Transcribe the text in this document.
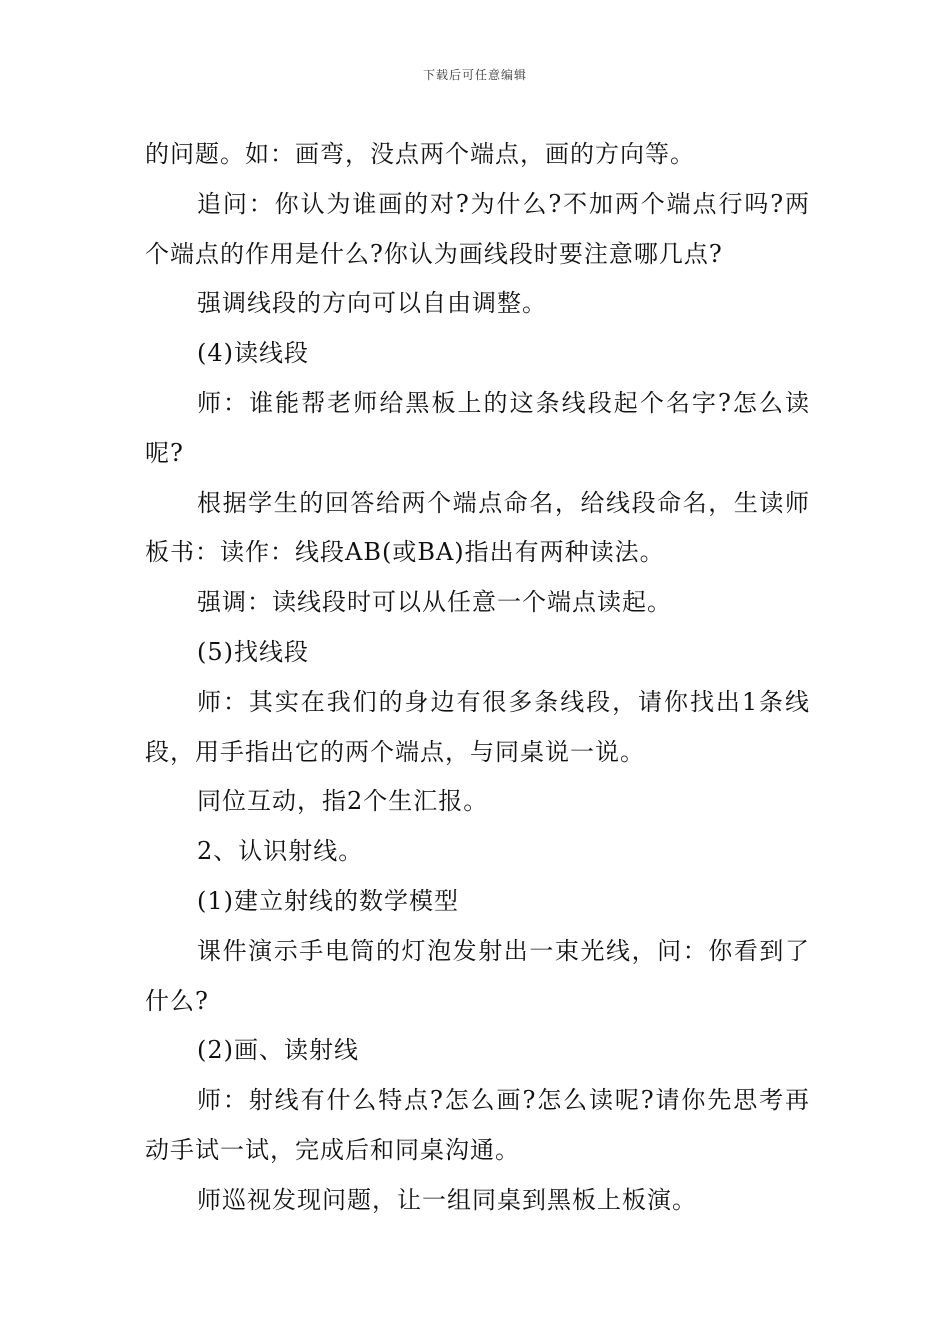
下载后可任意编辑

的问题。如：画弯，没点两个端点，画的方向等。

追问：你认为谁画的对?为什么?不加两个端点行吗?两个端点的作用是什么?你认为画线段时要注意哪几点?

强调线段的方向可以自由调整。

(4)读线段

师：谁能帮老师给黑板上的这条线段起个名字?怎么读呢?

根据学生的回答给两个端点命名，给线段命名，生读师板书：读作：线段AB(或BA)指出有两种读法。

强调：读线段时可以从任意一个端点读起。

(5)找线段

师：其实在我们的身边有很多条线段，请你找出1条线段，用手指出它的两个端点，与同桌说一说。

同位互动，指2个生汇报。

2、认识射线。

(1)建立射线的数学模型

课件演示手电筒的灯泡发射出一束光线，问：你看到了什么?

(2)画、读射线

师：射线有什么特点?怎么画?怎么读呢?请你先思考再动手试一试，完成后和同桌沟通。

师巡视发现问题，让一组同桌到黑板上板演。
